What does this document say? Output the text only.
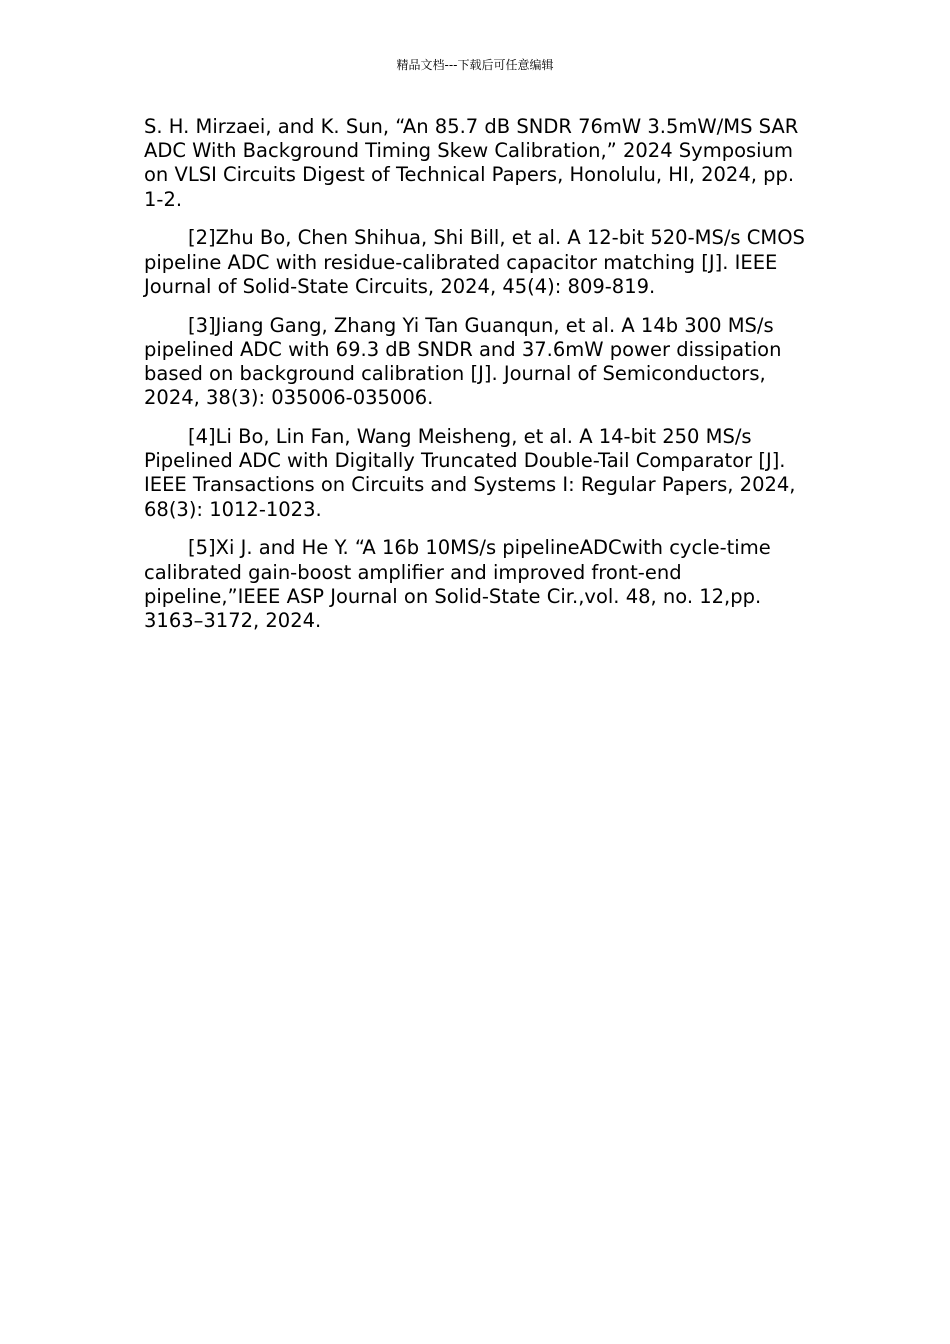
精品文档---下载后可任意编辑

S. H. Mirzaei, and K. Sun, “An 85.7 dB SNDR 76mW 3.5mW/MS SAR ADC With Background Timing Skew Calibration,” 2024 Symposium on VLSI Circuits Digest of Technical Papers, Honolulu, HI, 2024, pp. 1-2.

[2]Zhu Bo, Chen Shihua, Shi Bill, et al. A 12-bit 520-MS/s CMOS pipeline ADC with residue-calibrated capacitor matching [J]. IEEE Journal of Solid-State Circuits, 2024, 45(4): 809-819.

[3]Jiang Gang, Zhang Yi Tan Guanqun, et al. A 14b 300 MS/s pipelined ADC with 69.3 dB SNDR and 37.6mW power dissipation based on background calibration [J]. Journal of Semiconductors, 2024, 38(3): 035006-035006.

[4]Li Bo, Lin Fan, Wang Meisheng, et al. A 14-bit 250 MS/s Pipelined ADC with Digitally Truncated Double-Tail Comparator [J]. IEEE Transactions on Circuits and Systems I: Regular Papers, 2024, 68(3): 1012-1023.

[5]Xi J. and He Y. “A 16b 10MS/s pipelineADCwith cycle-time calibrated gain-boost amplifier and improved front-end pipeline,”IEEE ASP Journal on Solid-State Cir.,vol. 48, no. 12,pp. 3163–3172, 2024.
